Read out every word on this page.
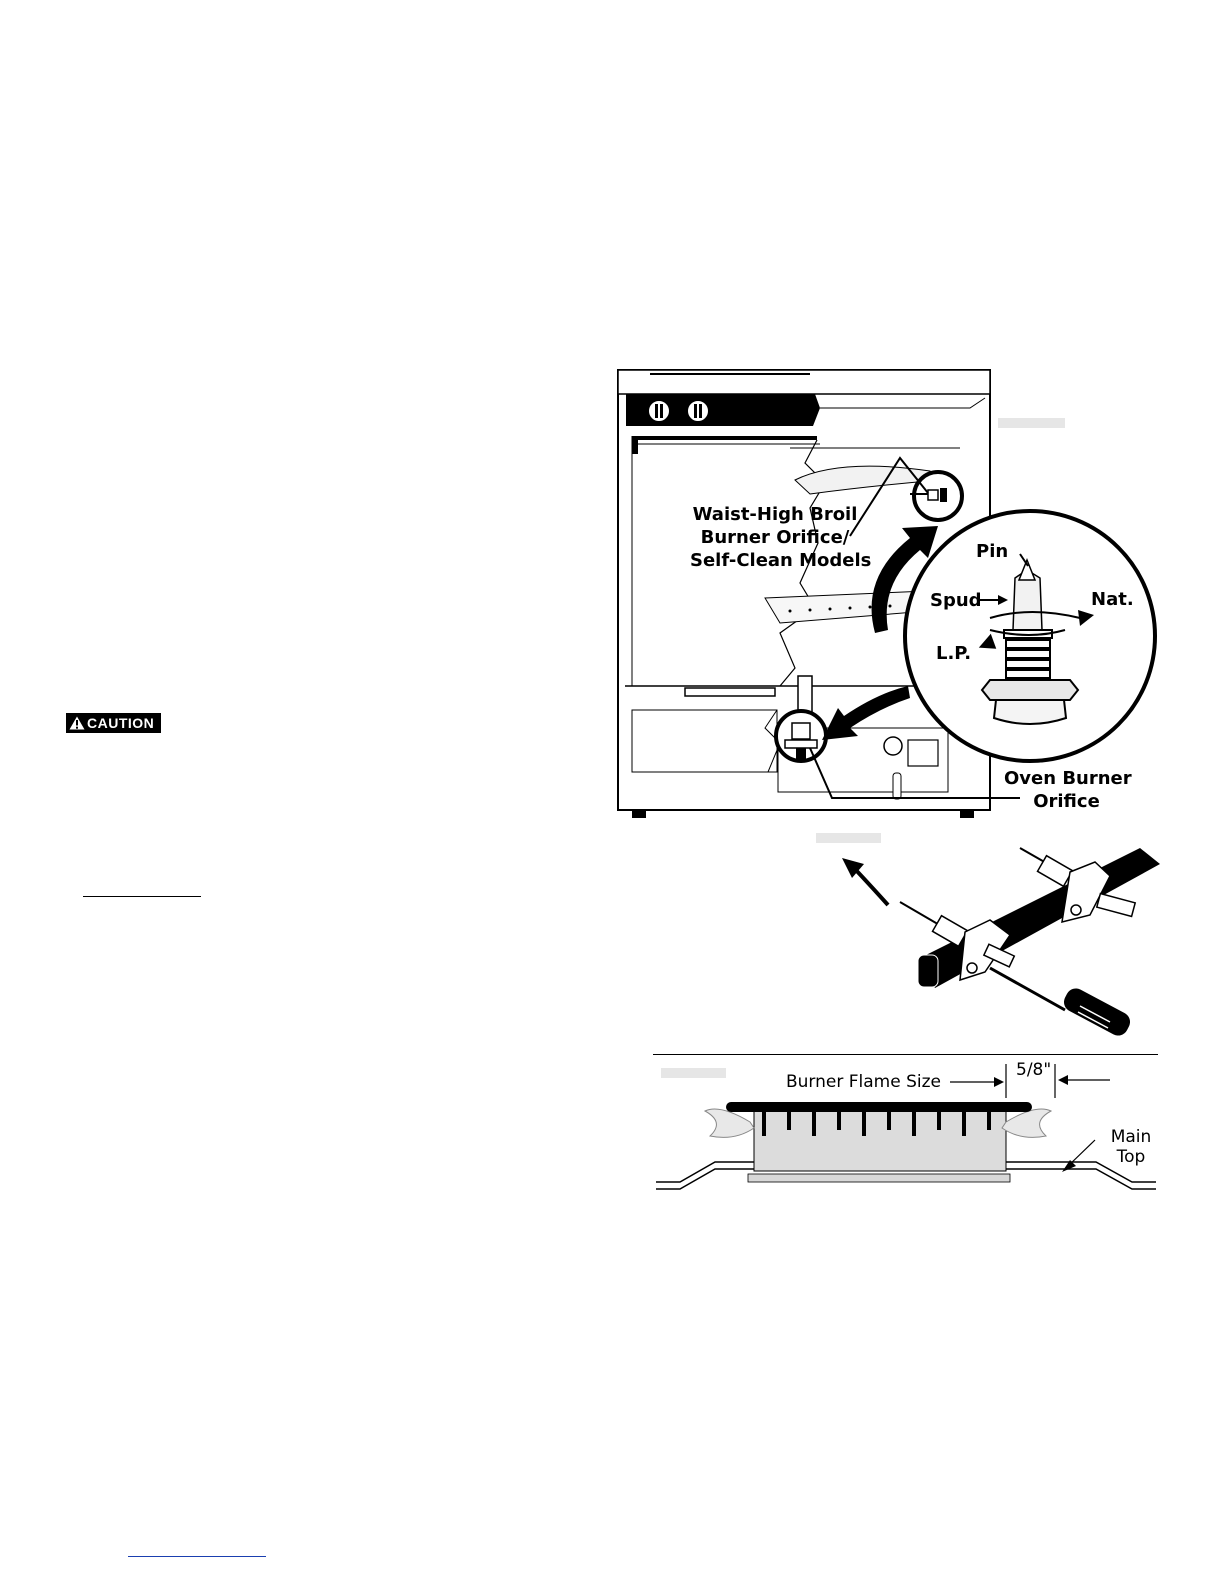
CAUTION
Waist-High Broil
Burner Orifice/
Self-Clean Models	Pin
Spud	Nat.
L.P.
Oven Burner
Orifice
Burner Flame Size
5/8"
Main
Top
